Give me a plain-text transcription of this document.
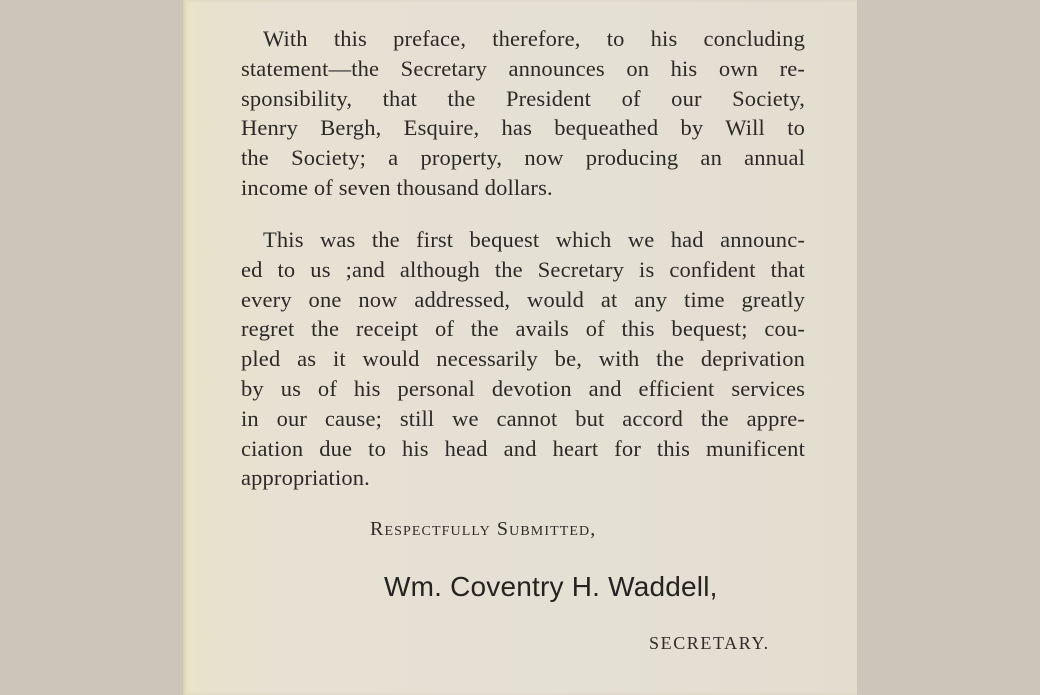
With this preface, therefore, to his concluding
statement—the Secretary announces on his own re-
sponsibility, that the President of our Society,
Henry Bergh, Esquire, has bequeathed by Will to
the Society; a property, now producing an annual
income of seven thousand dollars.

This was the first bequest which we had announc-
ed to us ;and although the Secretary is confident that
every one now addressed, would at any time greatly
regret the receipt of the avails of this bequest; cou-
pled as it would necessarily be, with the deprivation
by us of his personal devotion and efficient services
in our cause; still we cannot but accord the appre-
ciation due to his head and heart for this munificent
appropriation.

Respectfully Submitted,
Wm. Coventry H. Waddell,
SECRETARY.
